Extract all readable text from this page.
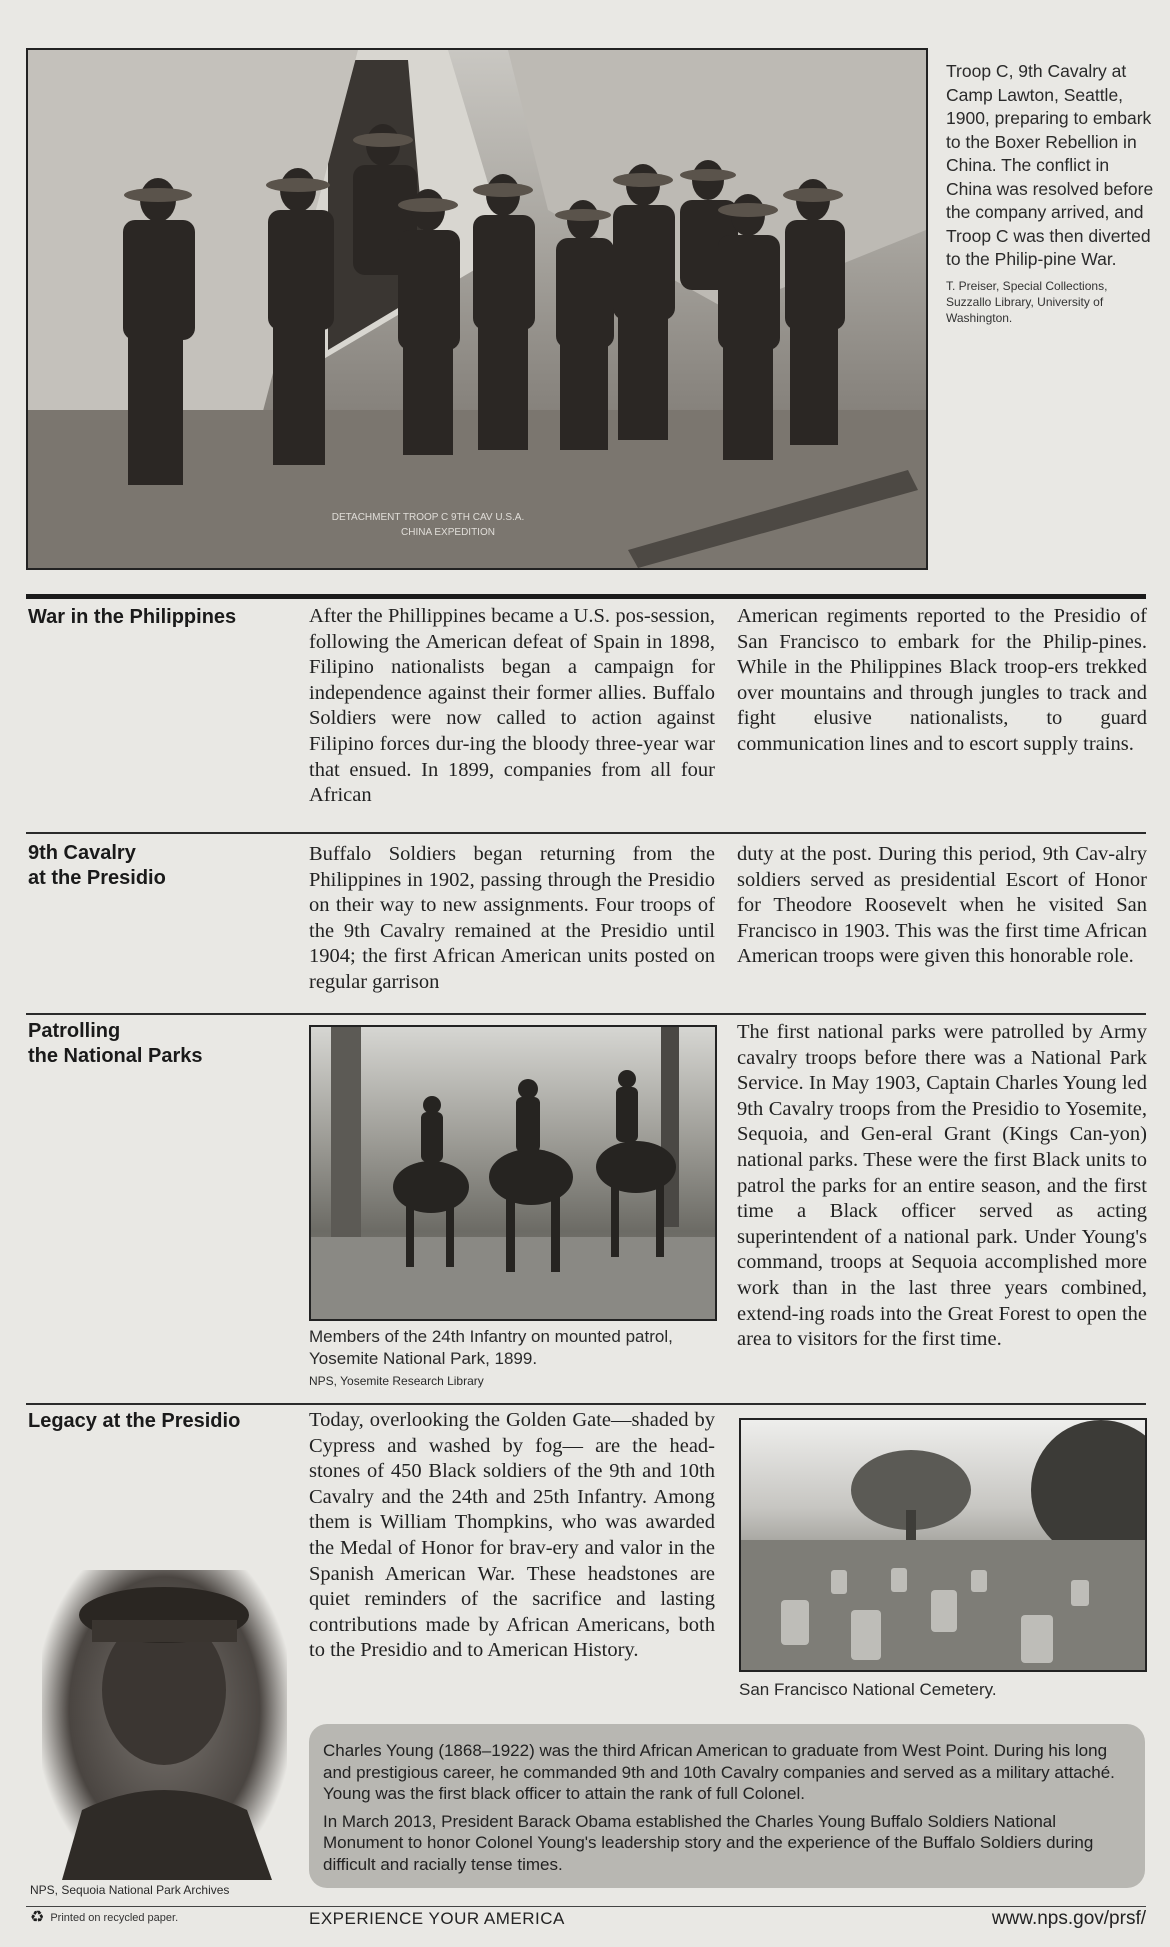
DETACHMENT TROOP C 9TH CAV U.S.A.
CHINA EXPEDITION
Troop C, 9th Cavalry at Camp Lawton, Seattle, 1900, preparing to embark to the Boxer Rebellion in China. The conflict in China was resolved before the company arrived, and Troop C was then diverted to the Philip-pine War.
T. Preiser, Special Collections, Suzzallo Library, University of Washington.
War in the Philippines	After the Phillippines became a U.S. pos-session, following the American defeat of Spain in 1898, Filipino nationalists began a campaign for independence against their former allies. Buffalo Soldiers were now called to action against Filipino forces dur-ing the bloody three-year war that ensued. In 1899, companies from all four African
American regiments reported to the Presidio of San Francisco to embark for the Philip-pines. While in the Philippines Black troop-ers trekked over mountains and through jungles to track and fight elusive nationalists, to guard communication lines and to escort supply trains.
9th Cavalry
at the Presidio
Buffalo Soldiers began returning from the Philippines in 1902, passing through the Presidio on their way to new assignments. Four troops of the 9th Cavalry remained at the Presidio until 1904; the first African American units posted on regular garrison
duty at the post. During this period, 9th Cav-alry soldiers served as presidential Escort of Honor for Theodore Roosevelt when he visited San Francisco in 1903. This was the first time African American troops were given this honorable role.
Patrolling
the National Parks
Members of the 24th Infantry on mounted patrol, Yosemite National Park, 1899.
NPS, Yosemite Research Library
The first national parks were patrolled by Army cavalry troops before there was a National Park Service. In May 1903, Captain Charles Young led 9th Cavalry troops from the Presidio to Yosemite, Sequoia, and Gen-eral Grant (Kings Can-yon) national parks. These were the first Black units to patrol the parks for an entire season, and the first time a Black officer served as acting superintendent of a national park. Under Young's command, troops at Sequoia accomplished more work than in the last three years combined, extend-ing roads into the Great Forest to open the area to visitors for the first time.
Legacy at the Presidio	Today, overlooking the Golden Gate—shaded by Cypress and washed by fog— are the head-stones of 450 Black soldiers of the 9th and 10th Cavalry and the 24th and 25th Infantry. Among them is William Thompkins, who was awarded the Medal of Honor for brav-ery and valor in the Spanish American War. These headstones are quiet reminders of the sacrifice and lasting contributions made by African Americans, both to the Presidio and to American History.
San Francisco National Cemetery.
NPS, Sequoia National Park Archives

Charles Young (1868–1922) was the third African American to graduate from West Point. During his long and prestigious career, he commanded 9th and 10th Cavalry companies and served as a military attaché. Young was the first black officer to attain the rank of full Colonel.

In March 2013, President Barack Obama established the Charles Young Buffalo Soldiers National Monument to honor Colonel Young's leadership story and the experience of the Buffalo Soldiers during difficult and racially tense times.

♻ Printed on recycled paper.	EXPERIENCE YOUR AMERICA	www.nps.gov/prsf/
